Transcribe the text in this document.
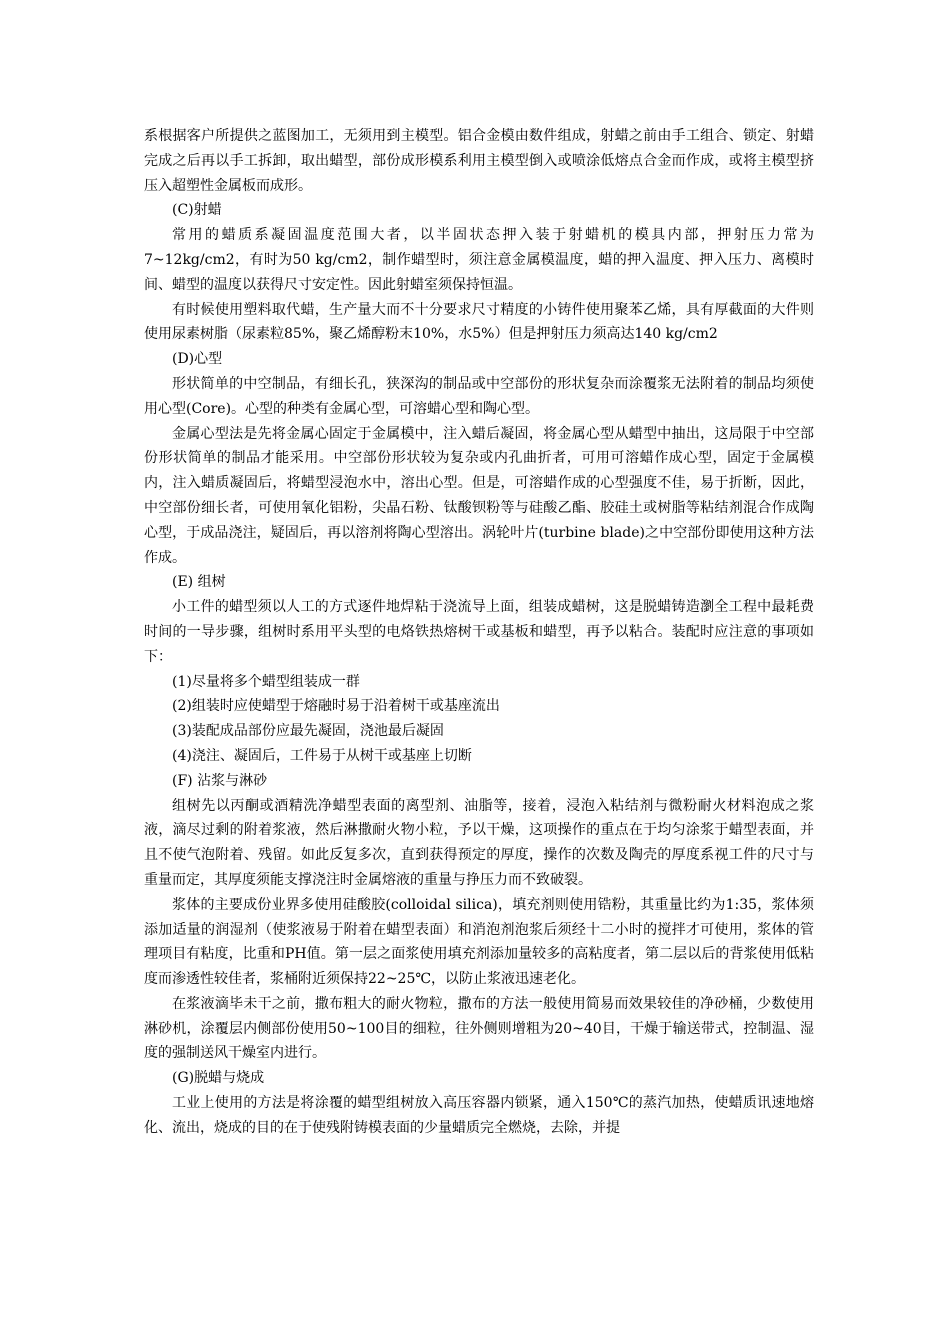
系根据客户所提供之蓝图加工，无须用到主模型。铝合金模由数件组成，射蜡之前由手工组合、锁定、射蜡完成之后再以手工拆卸，取出蜡型，部份成形模系利用主模型倒入或喷涂低熔点合金而作成，或将主模型挤压入超塑性金属板而成形。

(C)射蜡

常用的蜡质系凝固温度范围大者，以半固状态押入装于射蜡机的模具内部，押射压力常为7~12kg/cm2，有时为50 kg/cm2，制作蜡型时，须注意金属模温度，蜡的押入温度、押入压力、离模时间、蜡型的温度以获得尺寸安定性。因此射蜡室须保持恒温。

有时候使用塑料取代蜡，生产量大而不十分要求尺寸精度的小铸件使用聚苯乙烯，具有厚截面的大件则使用尿素树脂（尿素粒85%，聚乙烯醇粉末10%，水5%）但是押射压力须高达140 kg/cm2

(D)心型

形状简单的中空制品，有细长孔，狭深沟的制品或中空部份的形状复杂而涂覆浆无法附着的制品均须使用心型(Core)。心型的种类有金属心型，可溶蜡心型和陶心型。

金属心型法是先将金属心固定于金属模中，注入蜡后凝固，将金属心型从蜡型中抽出，这局限于中空部份形状简单的制品才能采用。中空部份形状较为复杂或内孔曲折者，可用可溶蜡作成心型，固定于金属模内，注入蜡质凝固后，将蜡型浸泡水中，溶出心型。但是，可溶蜡作成的心型强度不佳，易于折断，因此，中空部份细长者，可使用氧化铝粉，尖晶石粉、钛酸钡粉等与硅酸乙酯、胶硅土或树脂等粘结剂混合作成陶心型，于成品浇注，疑固后，再以溶剂将陶心型溶出。涡轮叶片(turbine blade)之中空部份即使用这种方法作成。

(E) 组树

小工件的蜡型须以人工的方式逐件地焊粘于浇流导上面，组装成蜡树，这是脱蜡铸造瀏全工程中最耗费时间的一导步骤，组树时系用平头型的电烙铁热熔树干或基板和蜡型，再予以粘合。装配时应注意的事项如下：

(1)尽量将多个蜡型组装成一群

(2)组装时应使蜡型于熔融时易于沿着树干或基座流出

(3)装配成品部份应最先凝固，浇池最后凝固

(4)浇注、凝固后，工件易于从树干或基座上切断

(F) 沾浆与淋砂

组树先以丙酮或酒精洗净蜡型表面的离型剂、油脂等，接着，浸泡入粘结剂与微粉耐火材料泡成之浆液，滴尽过剩的附着浆液，然后淋撒耐火物小粒，予以干燥，这项操作的重点在于均匀涂浆于蜡型表面，并且不使气泡附着、残留。如此反复多次，直到获得预定的厚度，操作的次数及陶壳的厚度系视工件的尺寸与重量而定，其厚度须能支撑浇注时金属熔液的重量与挣压力而不致破裂。

浆体的主要成份业界多使用硅酸胶(colloidal silica)，填充剂则使用锆粉，其重量比约为1:35，浆体须添加适量的润湿剂（使浆液易于附着在蜡型表面）和消泡剂泡浆后须经十二小时的搅拌才可使用，浆体的管理项目有粘度，比重和PH值。第一层之面浆使用填充剂添加量较多的高粘度者，第二层以后的背浆使用低粘度而渗透性较佳者，浆桶附近须保持22~25℃，以防止浆液迅速老化。

在浆液滴毕未干之前，撒布粗大的耐火物粒，撒布的方法一般使用简易而效果较佳的净砂桶，少数使用淋砂机，涂覆层内侧部份使用50~100目的细粒，往外侧则增粗为20~40目，干燥于输送带式，控制温、湿度的强制送风干燥室内进行。

(G)脱蜡与烧成

工业上使用的方法是将涂覆的蜡型组树放入高压容器内锁紧，通入150℃的蒸汽加热，使蜡质讯速地熔化、流出，烧成的目的在于使残附铸模表面的少量蜡质完全燃烧，去除，并提
